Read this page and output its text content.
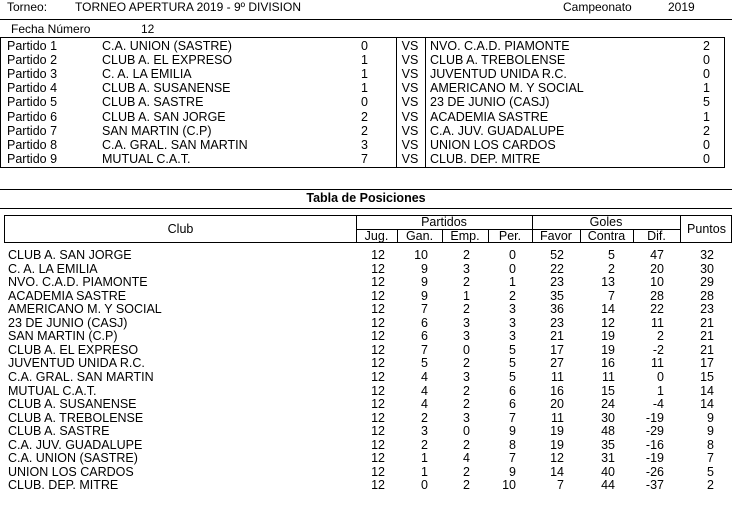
Torneo: TORNEO APERTURA 2019 - 9º DIVISION	Campeonato	2019
Fecha Número	12
Partido 1	C.A. UNION (SASTRE)	0	VS NVO. C.A.D. PIAMONTE	2
Partido 2	CLUB A. EL EXPRESO	1	VS CLUB A. TREBOLENSE	0
Partido 3	C. A. LA EMILIA	1	VS JUVENTUD UNIDA R.C.	0
Partido 4	CLUB A. SUSANENSE	1	VS AMERICANO M. Y SOCIAL	1
Partido 5	CLUB A. SASTRE	0	VS 23 DE JUNIO (CASJ)	5
Partido 6	CLUB A. SAN JORGE	2	VS ACADEMIA SASTRE	1
Partido 7	SAN MARTIN (C.P)	2	VS C.A. JUV. GUADALUPE	2
Partido 8	C.A. GRAL. SAN MARTIN	3	VS UNION LOS CARDOS	0
Partido 9	MUTUAL C.A.T.	7	VS CLUB. DEP. MITRE	0
Tabla de Posiciones
Club	Partidos	Goles	Puntos
Jug.	Gan.	Emp.	Per.	Favor	Contra	Dif.
CLUB A. SAN JORGE	12	10	2	0	52	5	47	32
C. A. LA EMILIA	12	9	3	0	22	2	20	30
NVO. C.A.D. PIAMONTE	12	9	2	1	23	13	10	29
ACADEMIA SASTRE	12	9	1	2	35	7	28	28
AMERICANO M. Y SOCIAL	12	7	2	3	36	14	22	23
23 DE JUNIO (CASJ)	12	6	3	3	23	12	11	21
SAN MARTIN (C.P)	12	6	3	3	21	19	2	21
CLUB A. EL EXPRESO	12	7	0	5	17	19	-2	21
JUVENTUD UNIDA R.C.	12	5	2	5	27	16	11	17
C.A. GRAL. SAN MARTIN	12	4	3	5	11	11	0	15
MUTUAL C.A.T.	12	4	2	6	16	15	1	14
CLUB A. SUSANENSE	12	4	2	6	20	24	-4	14
CLUB A. TREBOLENSE	12	2	3	7	11	30	-19	9
CLUB A. SASTRE	12	3	0	9	19	48	-29	9
C.A. JUV. GUADALUPE	12	2	2	8	19	35	-16	8
C.A. UNION (SASTRE)	12	1	4	7	12	31	-19	7
UNION LOS CARDOS	12	1	2	9	14	40	-26	5
CLUB. DEP. MITRE	12	0	2	10	7	44	-37	2
